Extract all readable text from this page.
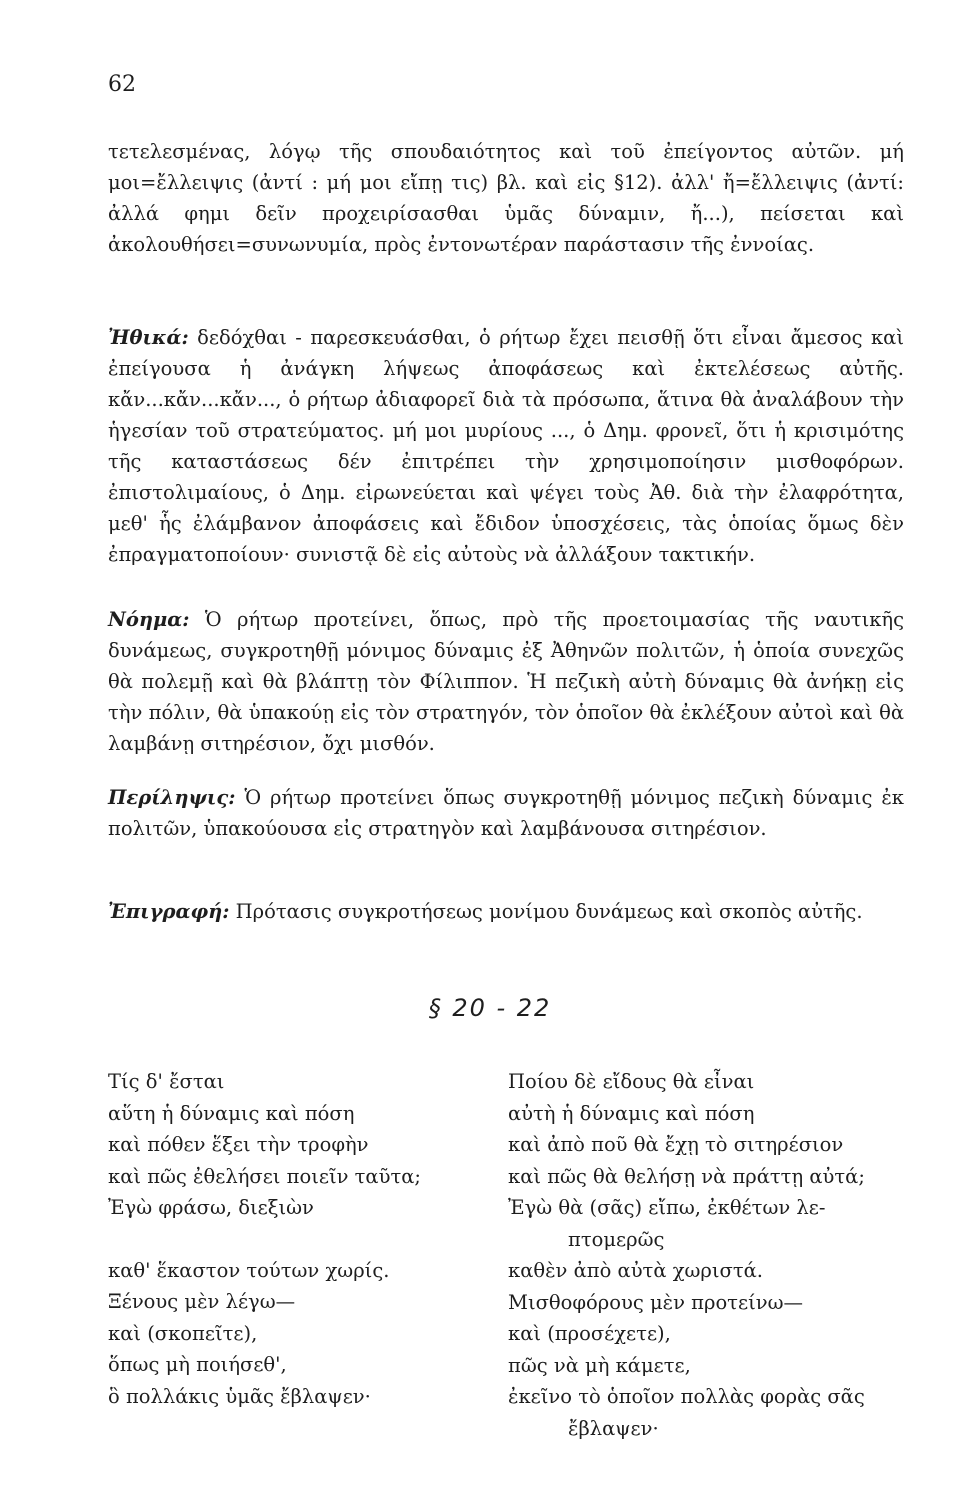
62

τετελεσμένας, λόγῳ τῆς σπουδαιότητος καὶ τοῦ ἐπείγοντος αὐτῶν. μή μοι=ἔλλειψις (ἀντί : μή μοι εἴπῃ τις) βλ. καὶ εἰς §12). ἀλλ' ἤ=ἔλλειψις (ἀντί: ἀλλά φημι δεῖν προχειρίσασθαι ὑμᾶς δύναμιν, ἤ...), πείσεται καὶ ἀκολουθήσει=συνωνυμία, πρὸς ἐντονωτέραν παράστασιν τῆς ἐννοίας.

Ἠθικά: δεδόχθαι - παρεσκευάσθαι, ὁ ρήτωρ ἔχει πεισθῇ ὅτι εἶναι ἄμεσος καὶ ἐπείγουσα ἡ ἀνάγκη λήψεως ἀποφάσεως καὶ ἐκτελέσεως αὐτῆς. κἄν...κἄν...κἄν..., ὁ ρήτωρ ἀδιαφορεῖ διὰ τὰ πρόσωπα, ἅτινα θὰ ἀναλάβουν τὴν ἡγεσίαν τοῦ στρατεύματος. μή μοι μυρίους ..., ὁ Δημ. φρονεῖ, ὅτι ἡ κρισιμότης τῆς καταστάσεως δέν ἐπιτρέπει τὴν χρησιμοποίησιν μισθοφόρων. ἐπιστολιμαίους, ὁ Δημ. εἰρωνεύεται καὶ ψέγει τοὺς Ἀθ. διὰ τὴν ἐλαφρότητα, μεθ' ἧς ἐλάμβανον ἀποφάσεις καὶ ἔδιδον ὑποσχέσεις, τὰς ὁποίας ὅμως δὲν ἐπραγματοποίουν· συνιστᾷ δὲ εἰς αὐτοὺς νὰ ἀλλάξουν τακτικήν.

Νόημα: Ὁ ρήτωρ προτείνει, ὅπως, πρὸ τῆς προετοιμασίας τῆς ναυτικῆς δυνάμεως, συγκροτηθῇ μόνιμος δύναμις ἐξ Ἀθηνῶν πολιτῶν, ἡ ὁποία συνεχῶς θὰ πολεμῇ καὶ θὰ βλάπτῃ τὸν Φίλιππον. Ἡ πεζικὴ αὐτὴ δύναμις θὰ ἀνήκῃ εἰς τὴν πόλιν, θὰ ὑπακούῃ εἰς τὸν στρατηγόν, τὸν ὁποῖον θὰ ἐκλέξουν αὐτοὶ καὶ θὰ λαμβάνῃ σιτηρέσιον, ὄχι μισθόν.

Περίληψις: Ὁ ρήτωρ προτείνει ὅπως συγκροτηθῇ μόνιμος πεζικὴ δύναμις ἐκ πολιτῶν, ὑπακούουσα εἰς στρατηγὸν καὶ λαμβάνουσα σιτηρέσιον.

Ἐπιγραφή: Πρότασις συγκροτήσεως μονίμου δυνάμεως καὶ σκοπὸς αὐτῆς.

§ 20 - 22
Τίς δ' ἔσται
αὕτη ἡ δύναμις καὶ πόση
καὶ πόθεν ἕξει τὴν τροφὴν
καὶ πῶς ἐθελήσει ποιεῖν ταῦτα;
Ἐγὼ φράσω, διεξιὼν
καθ' ἕκαστον τούτων χωρίς.
Ξένους μὲν λέγω—
καὶ (σκοπεῖτε),
ὅπως μὴ ποιήσεθ',
ὃ πολλάκις ὑμᾶς ἔβλαψεν·
Ποίου δὲ εἴδους θὰ εἶναι
αὐτὴ ἡ δύναμις καὶ πόση
καὶ ἀπὸ ποῦ θὰ ἔχῃ τὸ σιτηρέσιον
καὶ πῶς θὰ θελήσῃ νὰ πράττῃ αὐτά;
Ἐγὼ θὰ (σᾶς) εἴπω, ἐκθέτων λε-
πτομερῶς
καθὲν ἀπὸ αὐτὰ χωριστά.
Μισθοφόρους μὲν προτείνω—
καὶ (προσέχετε),
πῶς νὰ μὴ κάμετε,
ἐκεῖνο τὸ ὁποῖον πολλὰς φορὰς σᾶς
ἔβλαψεν·
